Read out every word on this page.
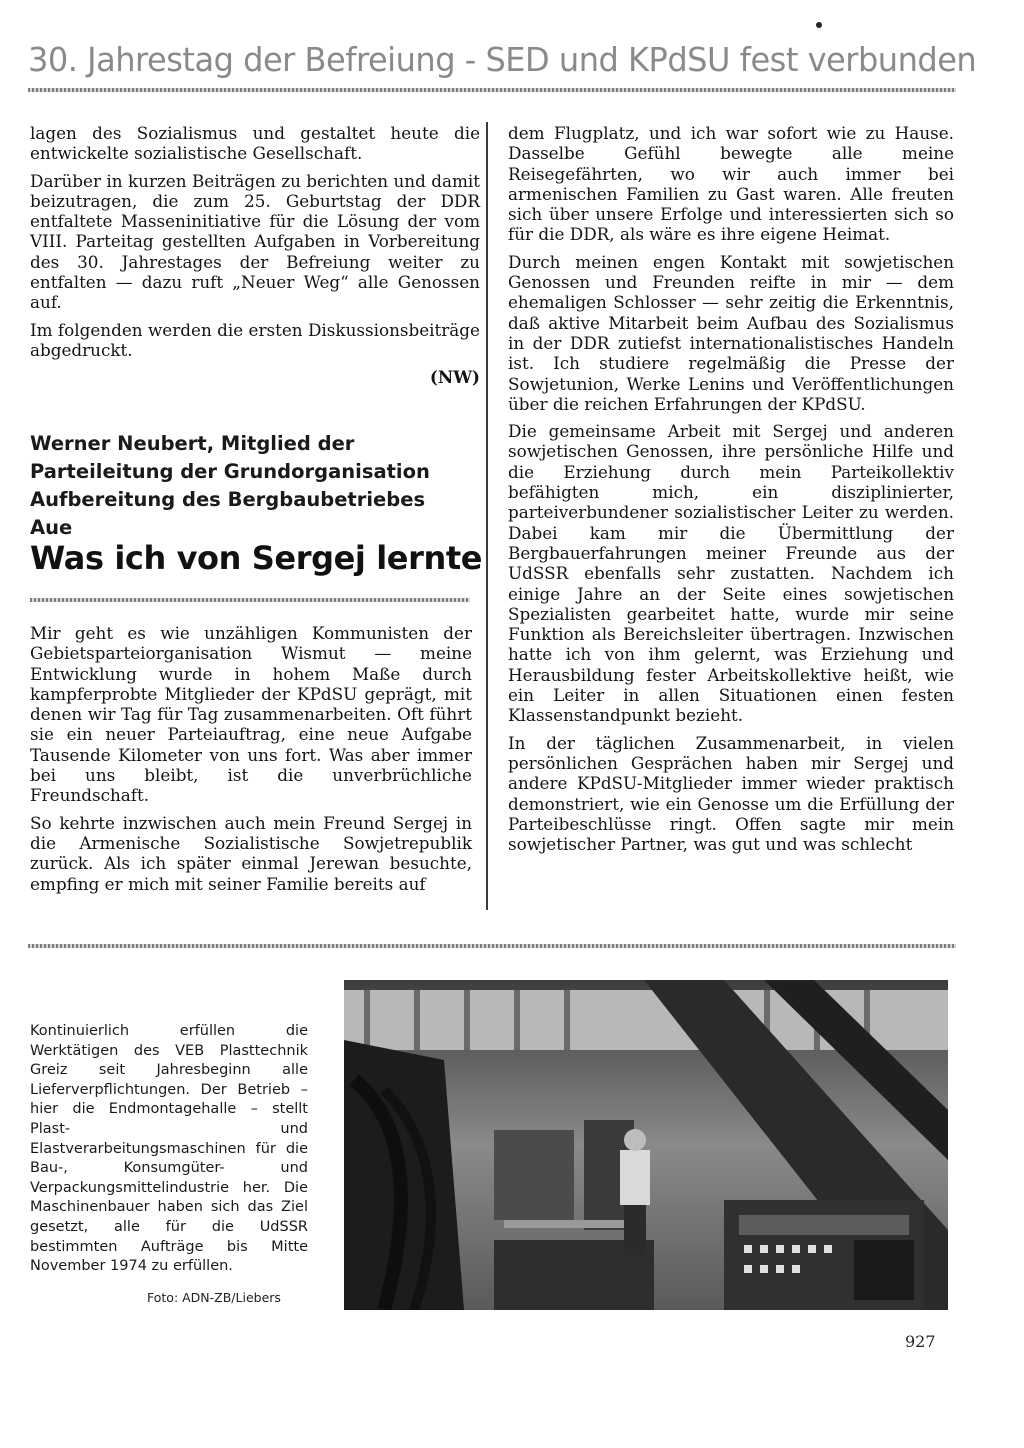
30. Jahrestag der Befreiung - SED und KPdSU fest verbunden

lagen des Sozialismus und gestaltet heute die entwickelte sozialistische Gesellschaft.

Darüber in kurzen Beiträgen zu berichten und damit beizutragen, die zum 25. Geburtstag der DDR entfaltete Masseninitiative für die Lösung der vom VIII. Parteitag gestellten Aufgaben in Vorbereitung des 30. Jahrestages der Befreiung weiter zu entfalten — dazu ruft „Neuer Weg“ alle Genossen auf.

Im folgenden werden die ersten Diskussionsbeiträge abgedruckt.

(NW)
Werner Neubert, Mitglied der Parteileitung der Grundorganisation Aufbereitung des Bergbaubetriebes Aue
Was ich von Sergej lernte

Mir geht es wie unzähligen Kommunisten der Gebietsparteiorganisation Wismut — meine Entwicklung wurde in hohem Maße durch kampferprobte Mitglieder der KPdSU geprägt, mit denen wir Tag für Tag zusammenarbeiten. Oft führt sie ein neuer Parteiauftrag, eine neue Aufgabe Tausende Kilometer von uns fort. Was aber immer bei uns bleibt, ist die unverbrüchliche Freundschaft.

So kehrte inzwischen auch mein Freund Sergej in die Armenische Sozialistische Sowjetrepublik zurück. Als ich später einmal Jerewan besuchte, empfing er mich mit seiner Familie bereits auf

dem Flugplatz, und ich war sofort wie zu Hause. Dasselbe Gefühl bewegte alle meine Reisegefährten, wo wir auch immer bei armenischen Familien zu Gast waren. Alle freuten sich über unsere Erfolge und interessierten sich so für die DDR, als wäre es ihre eigene Heimat.

Durch meinen engen Kontakt mit sowjetischen Genossen und Freunden reifte in mir — dem ehemaligen Schlosser — sehr zeitig die Erkenntnis, daß aktive Mitarbeit beim Aufbau des Sozialismus in der DDR zutiefst internationalistisches Handeln ist. Ich studiere regelmäßig die Presse der Sowjetunion, Werke Lenins und Veröffentlichungen über die reichen Erfahrungen der KPdSU.

Die gemeinsame Arbeit mit Sergej und anderen sowjetischen Genossen, ihre persönliche Hilfe und die Erziehung durch mein Parteikollektiv befähigten mich, ein disziplinierter, parteiverbundener sozialistischer Leiter zu werden. Dabei kam mir die Übermittlung der Bergbauerfahrungen meiner Freunde aus der UdSSR ebenfalls sehr zustatten. Nachdem ich einige Jahre an der Seite eines sowjetischen Spezialisten gearbeitet hatte, wurde mir seine Funktion als Bereichsleiter übertragen. Inzwischen hatte ich von ihm gelernt, was Erziehung und Herausbildung fester Arbeitskollektive heißt, wie ein Leiter in allen Situationen einen festen Klassenstandpunkt bezieht.

In der täglichen Zusammenarbeit, in vielen persönlichen Gesprächen haben mir Sergej und andere KPdSU-Mitglieder immer wieder praktisch demonstriert, wie ein Genosse um die Erfüllung der Parteibeschlüsse ringt. Offen sagte mir mein sowjetischer Partner, was gut und was schlecht

Kontinuierlich erfüllen die Werktätigen des VEB Plasttechnik Greiz seit Jahresbeginn alle Lieferverpflichtungen. Der Betrieb – hier die Endmontagehalle – stellt Plast- und Elastverarbeitungsmaschinen für die Bau-, Konsumgüter- und Verpackungsmittelindustrie her. Die Maschinenbauer haben sich das Ziel gesetzt, alle für die UdSSR bestimmten Aufträge bis Mitte November 1974 zu erfüllen.
Foto: ADN-ZB/Liebers
927
